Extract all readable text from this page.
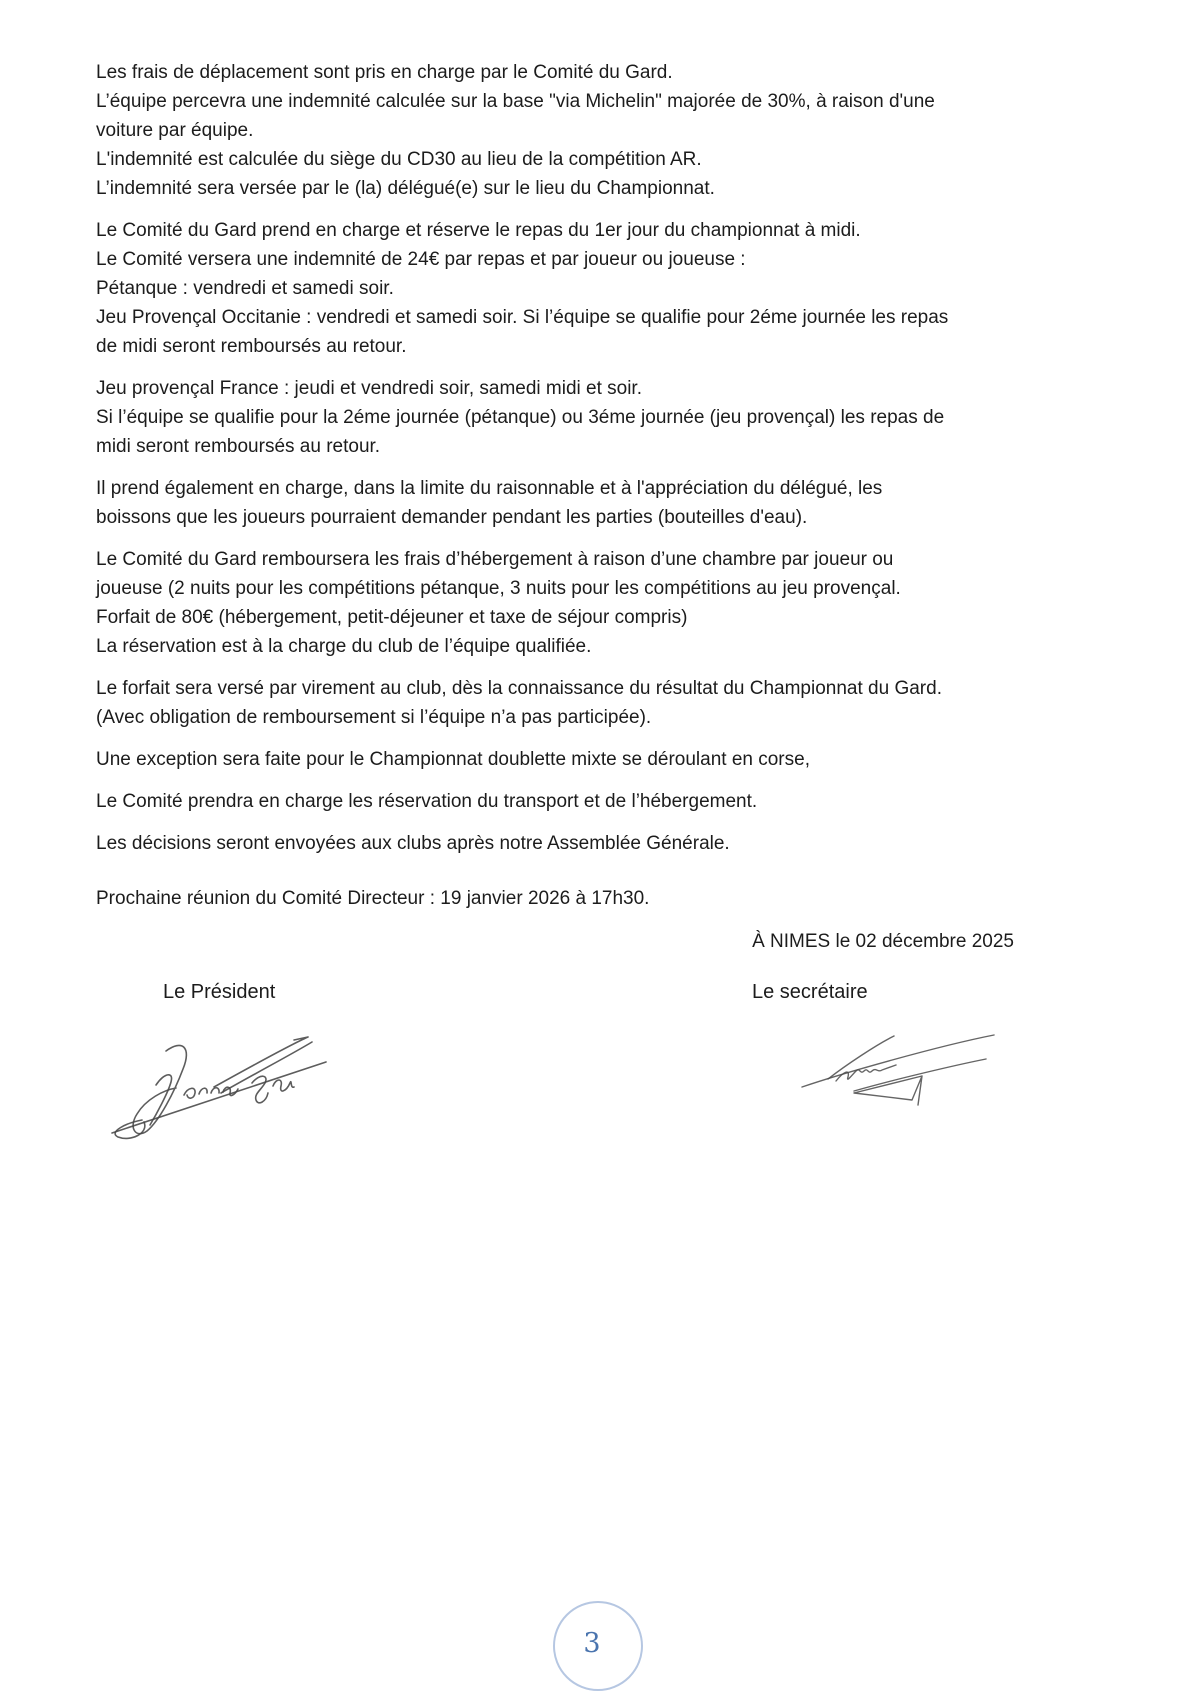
Les frais de déplacement sont pris en charge par le Comité du Gard.
L’équipe percevra une indemnité calculée sur la base "via Michelin" majorée de 30%, à raison d'une
voiture par équipe.
L'indemnité est calculée du siège du CD30 au lieu de la compétition AR.
L’indemnité sera versée par le (la) délégué(e) sur le lieu du Championnat.
Le Comité du Gard prend en charge et réserve le repas du 1er jour du championnat à midi.
Le Comité versera une indemnité de 24€ par repas et par joueur ou joueuse :
Pétanque : vendredi et samedi soir.
Jeu Provençal Occitanie : vendredi et samedi soir. Si l’équipe se qualifie pour 2éme journée les repas
de midi seront remboursés au retour.
Jeu provençal France : jeudi et vendredi soir, samedi midi et soir.
Si l’équipe se qualifie pour la 2éme journée (pétanque) ou 3éme journée (jeu provençal) les repas de
midi seront remboursés au retour.
Il prend également en charge, dans la limite du raisonnable et à l'appréciation du délégué, les
boissons que les joueurs pourraient demander pendant les parties (bouteilles d'eau).
Le Comité du Gard remboursera les frais d’hébergement à raison d’une chambre par joueur ou
joueuse (2 nuits pour les compétitions pétanque, 3 nuits pour les compétitions au jeu provençal.
Forfait de 80€ (hébergement, petit-déjeuner et taxe de séjour compris)
La réservation est à la charge du club de l’équipe qualifiée.
Le forfait sera versé par virement au club, dès la connaissance du résultat du Championnat du Gard.
(Avec obligation de remboursement si l’équipe n’a pas participée).
Une exception sera faite pour le Championnat doublette mixte se déroulant en corse,
Le Comité prendra en charge les réservation du transport et de l’hébergement.
Les décisions seront envoyées aux clubs après notre Assemblée Générale.
Prochaine réunion du Comité Directeur : 19 janvier 2026 à 17h30.
À NIMES le 02 décembre 2025
Le Président	Le secrétaire
3
